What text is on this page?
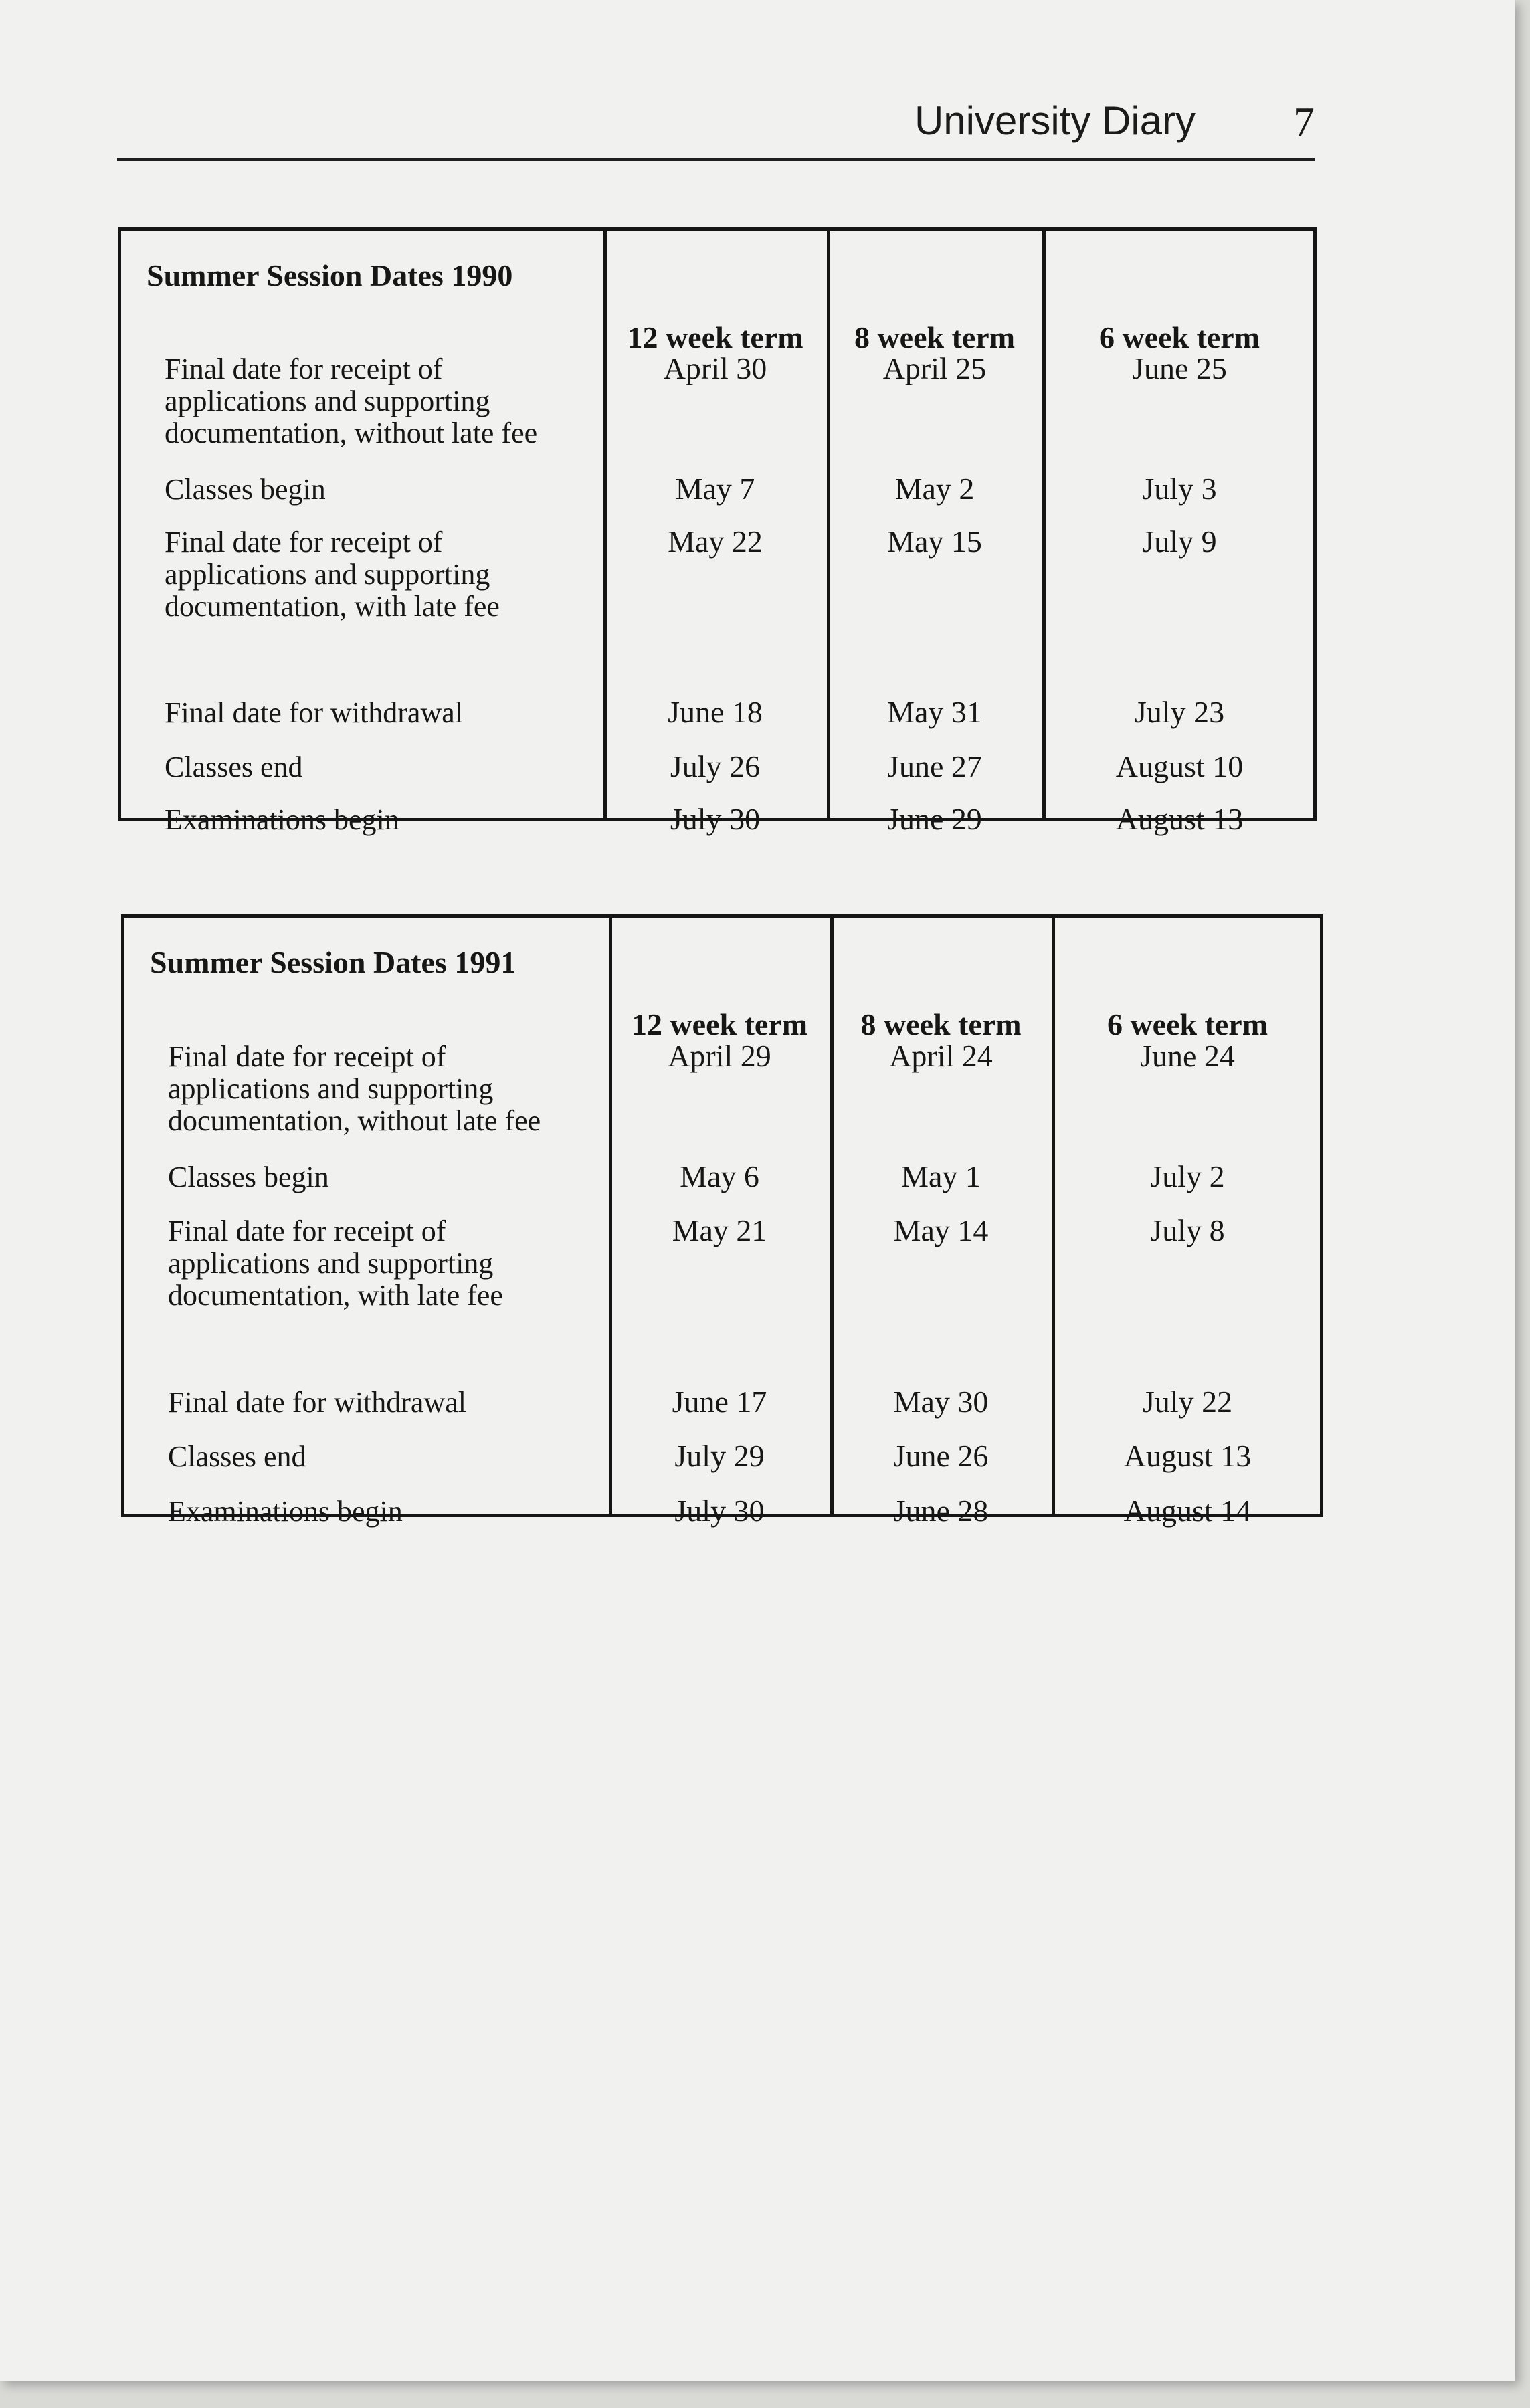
University Diary 7
Summer Session Dates 1990
12 week term	8 week term	6 week term
Final date for receipt of
applications and supporting
documentation, without late fee
April 30	April 25	June 25
Classes begin	May 7	May 2	July 3
Final date for receipt of
applications and supporting
documentation, with late fee
May 22	May 15	July 9
Final date for withdrawal	June 18	May 31	July 23
Classes end	July 26	June 27	August 10
Examinations begin	July 30	June 29	August 13
Summer Session Dates 1991
12 week term	8 week term	6 week term
Final date for receipt of
applications and supporting
documentation, without late fee
April 29	April 24	June 24
Classes begin	May 6	May 1	July 2
Final date for receipt of
applications and supporting
documentation, with late fee
May 21	May 14	July 8
Final date for withdrawal	June 17	May 30	July 22
Classes end	July 29	June 26	August 13
Examinations begin	July 30	June 28	August 14
